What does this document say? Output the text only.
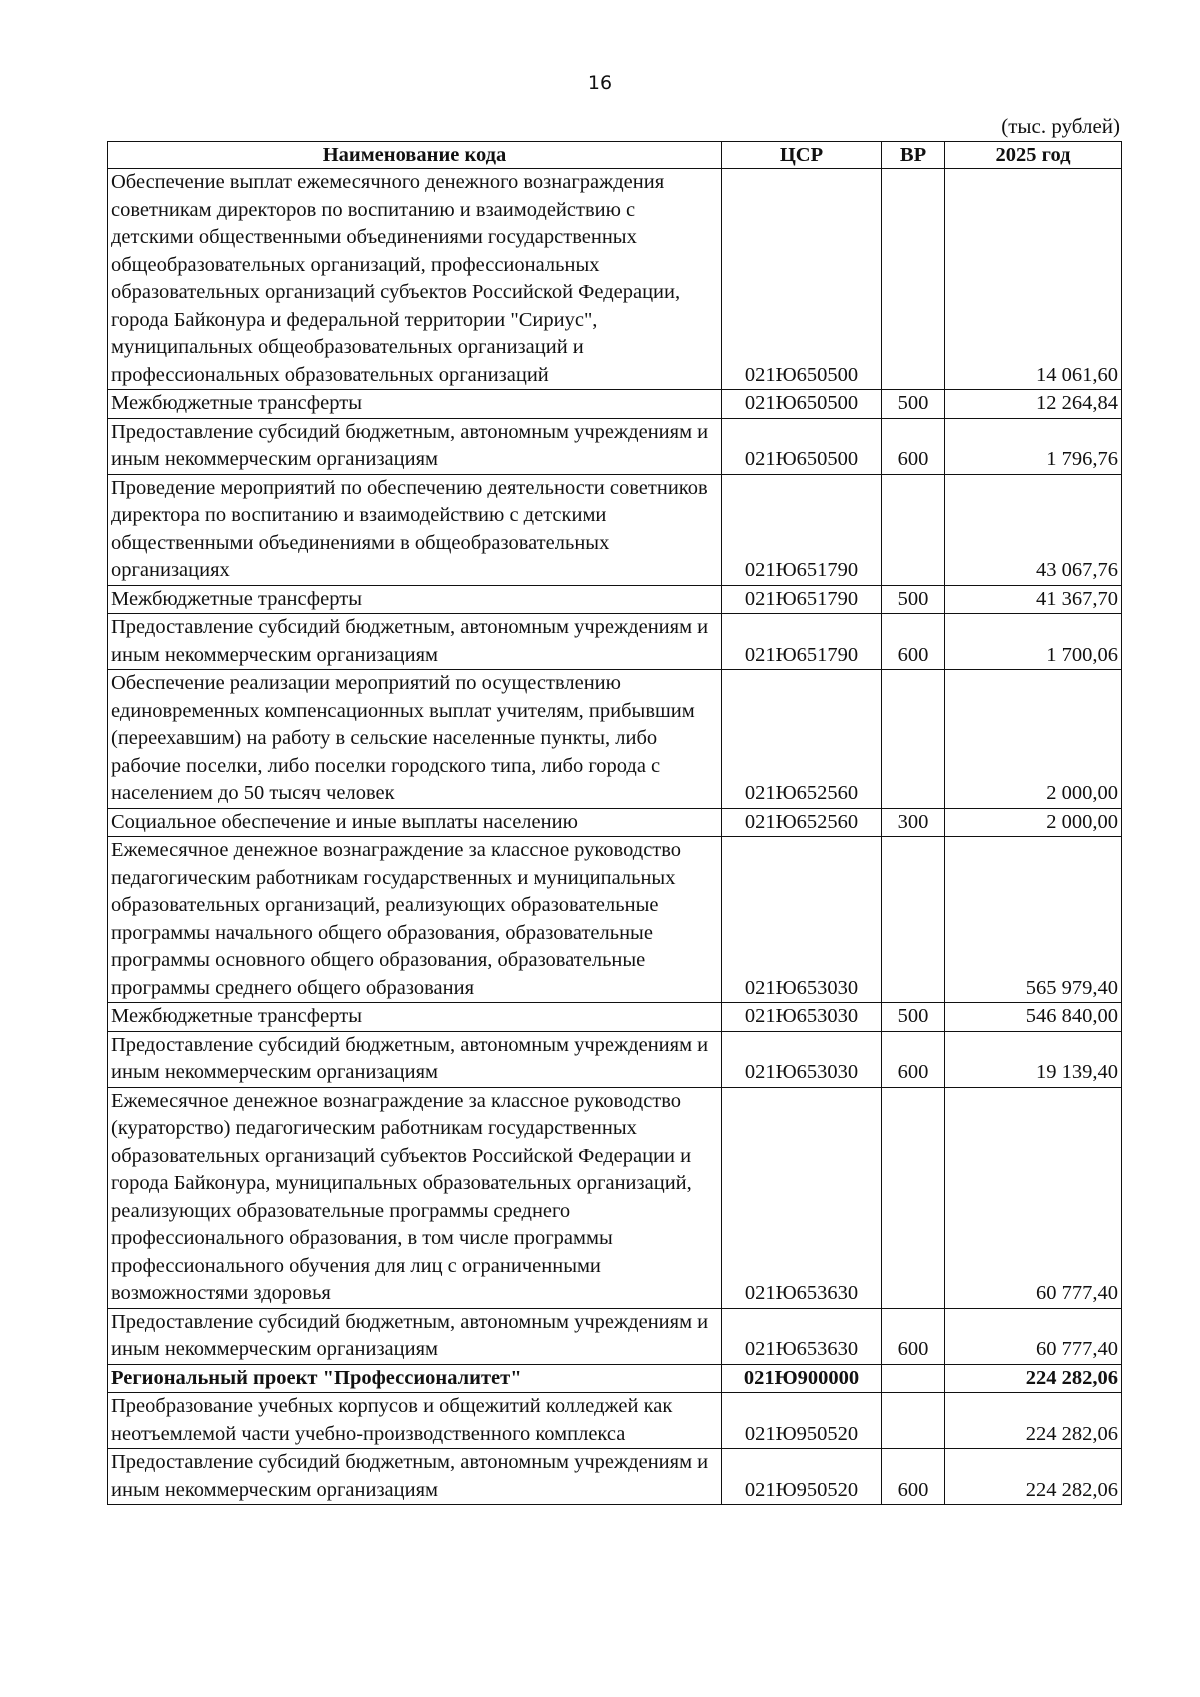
16
(тыс. рублей)
Наименование кода	ЦСР	ВР	2025 год
Обеспечение выплат ежемесячного денежного вознаграждения советникам директоров по воспитанию и взаимодействию с детскими общественными объединениями государственных общеобразовательных организаций, профессиональных образовательных организаций субъектов Российской Федерации, города Байконура и федеральной территории "Сириус", муниципальных общеобразовательных организаций и профессиональных образовательных организаций	021Ю650500		14 061,60
Межбюджетные трансферты	021Ю650500	500	12 264,84
Предоставление субсидий бюджетным, автономным учреждениям и иным некоммерческим организациям	021Ю650500	600	1 796,76
Проведение мероприятий по обеспечению деятельности советников директора по воспитанию и взаимодействию с детскими общественными объединениями в общеобразовательных организациях	021Ю651790		43 067,76
Межбюджетные трансферты	021Ю651790	500	41 367,70
Предоставление субсидий бюджетным, автономным учреждениям и иным некоммерческим организациям	021Ю651790	600	1 700,06
Обеспечение реализации мероприятий по осуществлению единовременных компенсационных выплат учителям, прибывшим (переехавшим) на работу в сельские населенные пункты, либо рабочие поселки, либо поселки городского типа, либо города с населением до 50 тысяч человек	021Ю652560		2 000,00
Социальное обеспечение и иные выплаты населению	021Ю652560	300	2 000,00
Ежемесячное денежное вознаграждение за классное руководство педагогическим работникам государственных и муниципальных образовательных организаций, реализующих образовательные программы начального общего образования, образовательные программы основного общего образования, образовательные программы среднего общего образования	021Ю653030		565 979,40
Межбюджетные трансферты	021Ю653030	500	546 840,00
Предоставление субсидий бюджетным, автономным учреждениям и иным некоммерческим организациям	021Ю653030	600	19 139,40
Ежемесячное денежное вознаграждение за классное руководство (кураторство) педагогическим работникам государственных образовательных организаций субъектов Российской Федерации и города Байконура, муниципальных образовательных организаций, реализующих образовательные программы среднего профессионального образования, в том числе программы профессионального обучения для лиц с ограниченными возможностями здоровья	021Ю653630		60 777,40
Предоставление субсидий бюджетным, автономным учреждениям и иным некоммерческим организациям	021Ю653630	600	60 777,40
Региональный проект "Профессионалитет"	021Ю900000		224 282,06
Преобразование учебных корпусов и общежитий колледжей как неотъемлемой части учебно-производственного комплекса	021Ю950520		224 282,06
Предоставление субсидий бюджетным, автономным учреждениям и иным некоммерческим организациям	021Ю950520	600	224 282,06
